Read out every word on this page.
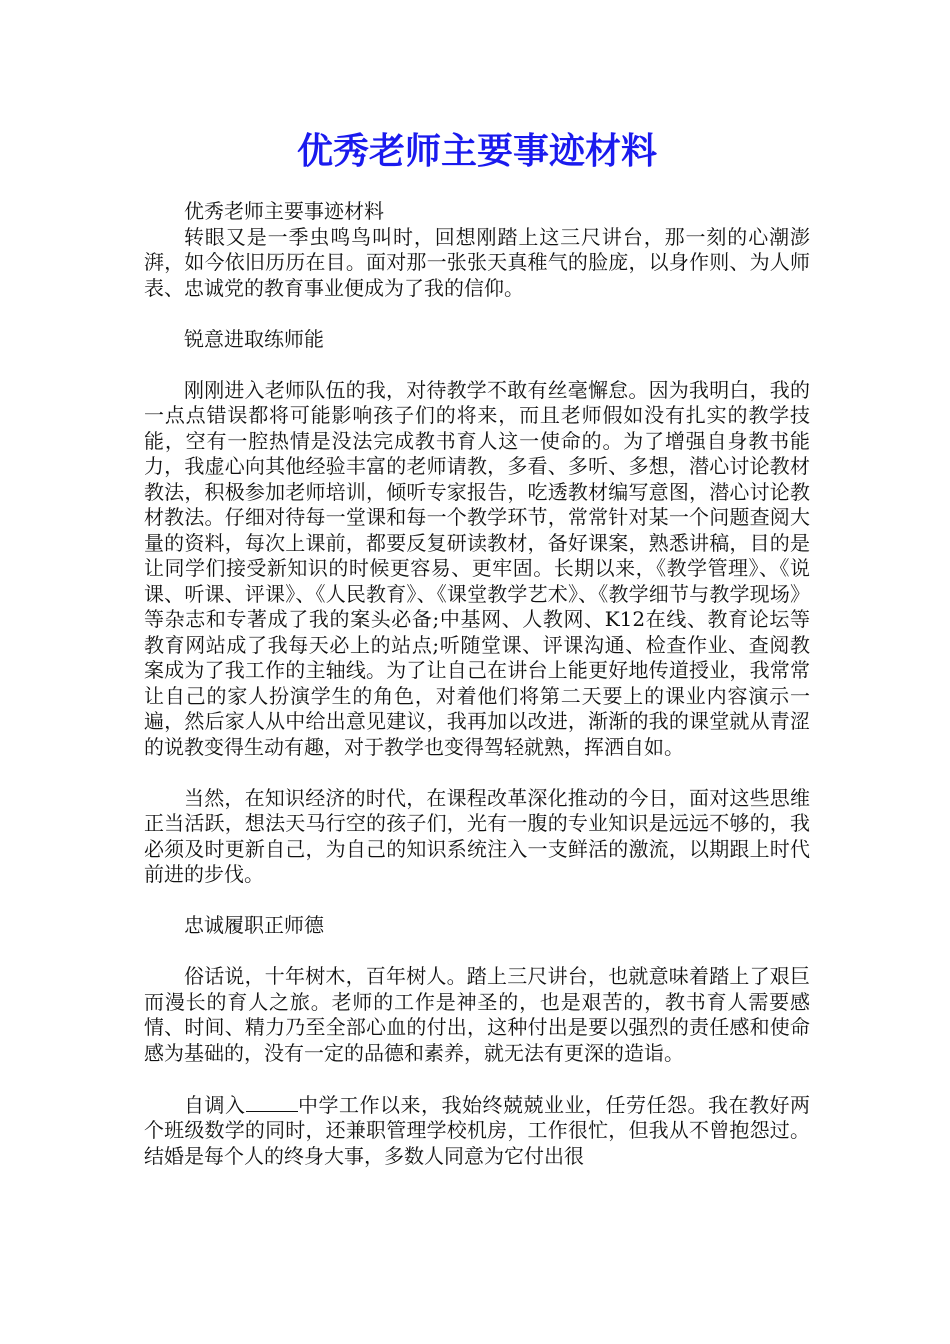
优秀老师主要事迹材料

优秀老师主要事迹材料

转眼又是一季虫鸣鸟叫时，回想刚踏上这三尺讲台，那一刻的心潮澎湃，如今依旧历历在目。面对那一张张天真稚气的脸庞，以身作则、为人师表、忠诚党的教育事业便成为了我的信仰。

锐意进取练师能

刚刚进入老师队伍的我，对待教学不敢有丝毫懈怠。因为我明白，我的一点点错误都将可能影响孩子们的将来，而且老师假如没有扎实的教学技能，空有一腔热情是没法完成教书育人这一使命的。为了增强自身教书能力，我虚心向其他经验丰富的老师请教，多看、多听、多想，潜心讨论教材教法，积极参加老师培训，倾听专家报告，吃透教材编写意图，潜心讨论教材教法。仔细对待每一堂课和每一个教学环节，常常针对某一个问题查阅大量的资料，每次上课前，都要反复研读教材，备好课案，熟悉讲稿，目的是让同学们接受新知识的时候更容易、更牢固。长期以来，《教学管理》、《说课、听课、评课》、《人民教育》、《课堂教学艺术》、《教学细节与教学现场》等杂志和专著成了我的案头必备;中基网、人教网、K12在线、教育论坛等教育网站成了我每天必上的站点;听随堂课、评课沟通、检查作业、查阅教案成为了我工作的主轴线。为了让自己在讲台上能更好地传道授业，我常常让自己的家人扮演学生的角色，对着他们将第二天要上的课业内容演示一遍，然后家人从中给出意见建议，我再加以改进，渐渐的我的课堂就从青涩的说教变得生动有趣，对于教学也变得驾轻就熟，挥洒自如。

当然，在知识经济的时代，在课程改革深化推动的今日，面对这些思维正当活跃，想法天马行空的孩子们，光有一腹的专业知识是远远不够的，我必须及时更新自己，为自己的知识系统注入一支鲜活的激流，以期跟上时代前进的步伐。

忠诚履职正师德

俗话说，十年树木，百年树人。踏上三尺讲台，也就意味着踏上了艰巨而漫长的育人之旅。老师的工作是神圣的，也是艰苦的，教书育人需要感情、时间、精力乃至全部心血的付出，这种付出是要以强烈的责任感和使命感为基础的，没有一定的品德和素养，就无法有更深的造诣。

自调入	中学工作以来，我始终兢兢业业，任劳任怨。我在教好两个班级数学的同时，还兼职管理学校机房，工作很忙，但我从不曾抱怨过。结婚是每个人的终身大事，多数人同意为它付出很
